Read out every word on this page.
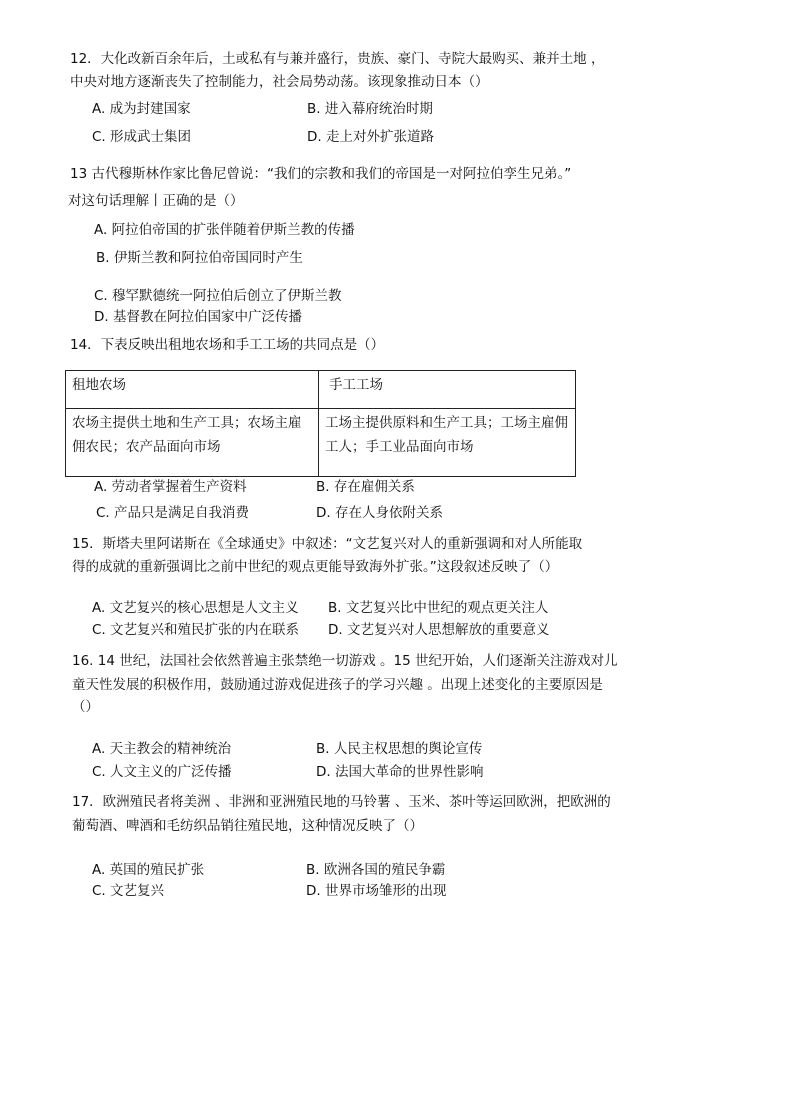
12．大化改新百余年后，土或私有与兼并盛行，贵族、豪门、寺院大最购买、兼并土地 ，
中央对地方逐渐丧失了控制能力，社会局势动荡。该现象推动日本（）
A. 成为封建国家	B. 进入幕府统治时期
C. 形成武士集团	D. 走上对外扩张道路
13 古代穆斯林作家比鲁尼曾说：“我们的宗教和我们的帝国是一对阿拉伯孪生兄弟。”
对这句话理解丨正确的是（）
A. 阿拉伯帝国的扩张伴随着伊斯兰教的传播
B. 伊斯兰教和阿拉伯帝国同时产生
C. 穆罕默德统一阿拉伯后创立了伊斯兰教
D. 基督教在阿拉伯国家中广泛传播
14．下表反映出租地农场和手工工场的共同点是（）
租地农场	手工工场
农场主提供土地和生产工具；农场主雇佣农民；农产品面向市场	工场主提供原料和生产工具；工场主雇佣工人；手工业品面向市场
A. 劳动者掌握着生产资料	B. 存在雇佣关系
C. 产品只是满足自我消费	D. 存在人身依附关系
15．斯塔夫里阿诺斯在《全球通史》中叙述：“文艺复兴对人的重新强调和对人所能取
得的成就的重新强调比之前中世纪的观点更能导致海外扩张。”这段叙述反映了（）
A. 文艺复兴的核心思想是人文主义 B. 文艺复兴比中世纪的观点更关注人
C. 文艺复兴和殖民扩张的内在联系 D. 文艺复兴对人思想解放的重要意义
16. 14 世纪，法国社会依然普遍主张禁绝一切游戏 。15 世纪开始，人们逐渐关注游戏对儿
童天性发展的积极作用，鼓励通过游戏促进孩子的学习兴趣 。出现上述变化的主要原因是
（）
A. 天主教会的精神统治	B. 人民主权思想的舆论宣传
C. 人文主义的广泛传播	D. 法国大革命的世界性影响
17．欧洲殖民者将美洲 、非洲和亚洲殖民地的马铃薯 、玉米、茶叶等运回欧洲，把欧洲的
葡萄酒、啤酒和毛纺织品销往殖民地，这种情况反映了（）
A. 英国的殖民扩张	B. 欧洲各国的殖民争霸
C. 文艺复兴	D. 世界市场雏形的出现
